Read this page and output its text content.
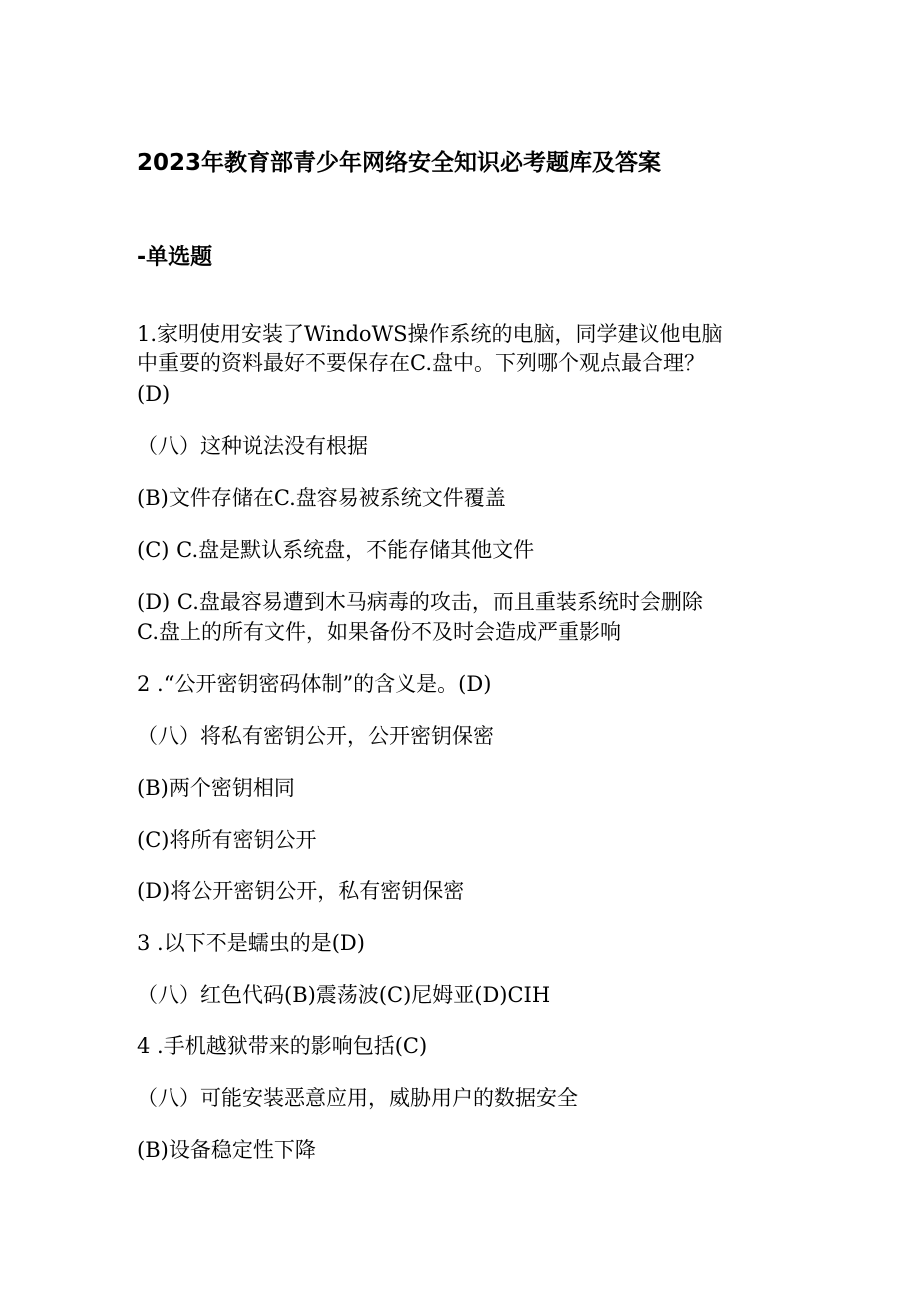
2023年教育部青少年网络安全知识必考题库及答案
-单选题
1.家明使用安装了WindoWS操作系统的电脑，同学建议他电脑
中重要的资料最好不要保存在C.盘中。下列哪个观点最合理？
(D)
（八）这种说法没有根据
(B)文件存储在C.盘容易被系统文件覆盖
(C) C.盘是默认系统盘，不能存储其他文件
(D) C.盘最容易遭到木马病毒的攻击，而且重装系统时会删除
C.盘上的所有文件，如果备份不及时会造成严重影响
2 .“公开密钥密码体制”的含义是。(D)
（八）将私有密钥公开，公开密钥保密
(B)两个密钥相同
(C)将所有密钥公开
(D)将公开密钥公开，私有密钥保密
3 .以下不是蠕虫的是(D)
（八）红色代码(B)震荡波(C)尼姆亚(D)CIH
4 .手机越狱带来的影响包括(C)
（八）可能安装恶意应用，威胁用户的数据安全
(B)设备稳定性下降
